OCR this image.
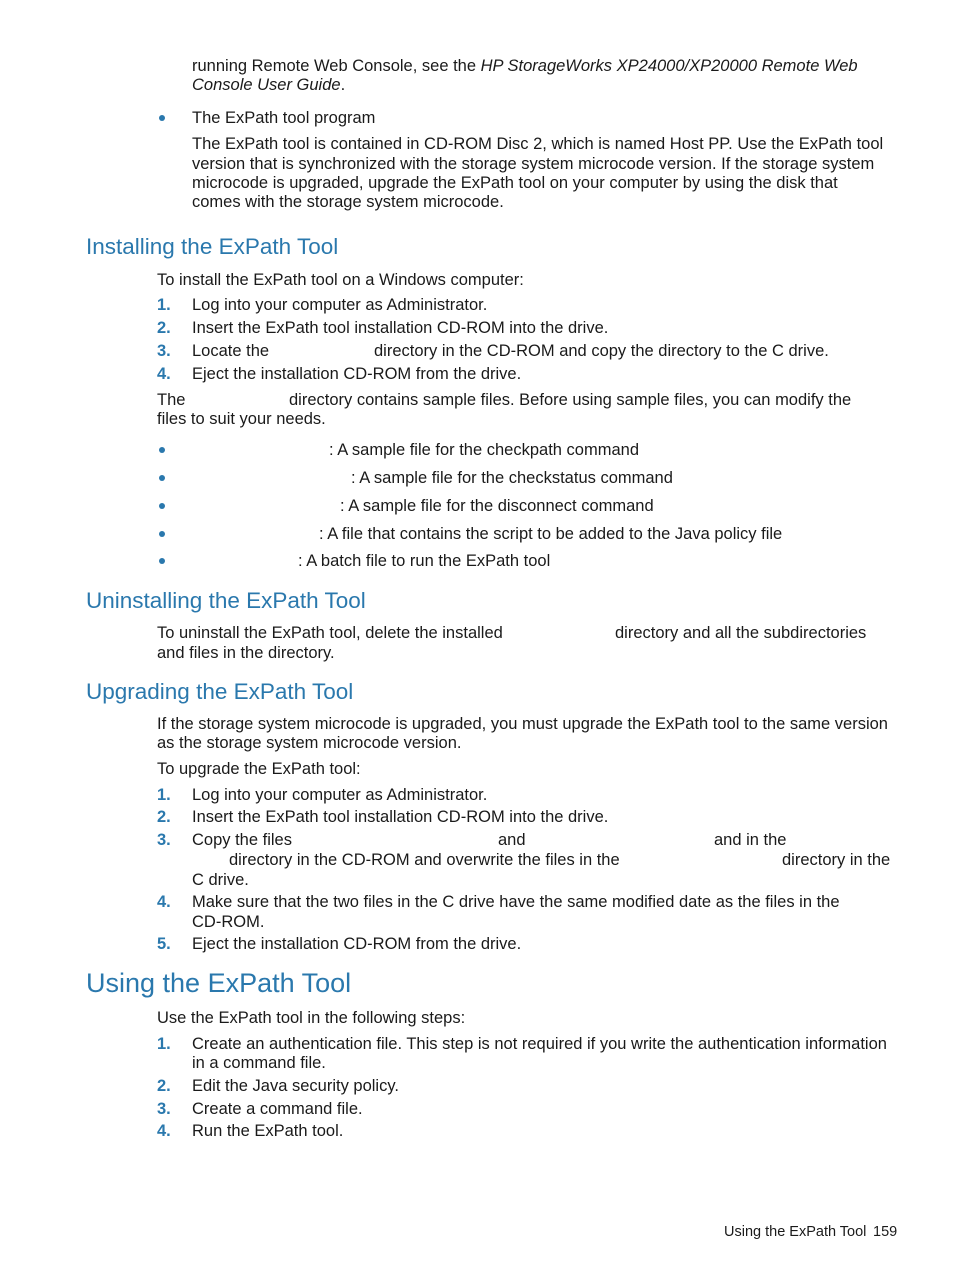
running Remote Web Console, see the HP StorageWorks XP24000/XP20000 Remote Web
Console User Guide.
The ExPath tool program
The ExPath tool is contained in CD-ROM Disc 2, which is named Host PP. Use the ExPath tool
version that is synchronized with the storage system microcode version. If the storage system
microcode is upgraded, upgrade the ExPath tool on your computer by using the disk that
comes with the storage system microcode.
Installing the ExPath Tool
To install the ExPath tool on a Windows computer:
1. Log into your computer as Administrator.
2. Insert the ExPath tool installation CD-ROM into the drive.
3. Locate the	directory in the CD-ROM and copy the directory to the C drive.
4. Eject the installation CD-ROM from the drive.
The	directory contains sample files. Before using sample files, you can modify the
files to suit your needs.
: A sample file for the checkpath command
: A sample file for the checkstatus command
: A sample file for the disconnect command
: A file that contains the script to be added to the Java policy file
: A batch file to run the ExPath tool
Uninstalling the ExPath Tool
To uninstall the ExPath tool, delete the installed	directory and all the subdirectories
and files in the directory.
Upgrading the ExPath Tool
If the storage system microcode is upgraded, you must upgrade the ExPath tool to the same version
as the storage system microcode version.
To upgrade the ExPath tool:
1. Log into your computer as Administrator.
2. Insert the ExPath tool installation CD-ROM into the drive.
3. Copy the files	and	and in the
directory in the CD-ROM and overwrite the files in the	directory in the
C drive.
4. Make sure that the two files in the C drive have the same modified date as the files in the
CD-ROM.
5. Eject the installation CD-ROM from the drive.
Using the ExPath Tool
Use the ExPath tool in the following steps:
1. Create an authentication file. This step is not required if you write the authentication information
in a command file.
2. Edit the Java security policy.
3. Create a command file.
4. Run the ExPath tool.
Using the ExPath Tool 159
